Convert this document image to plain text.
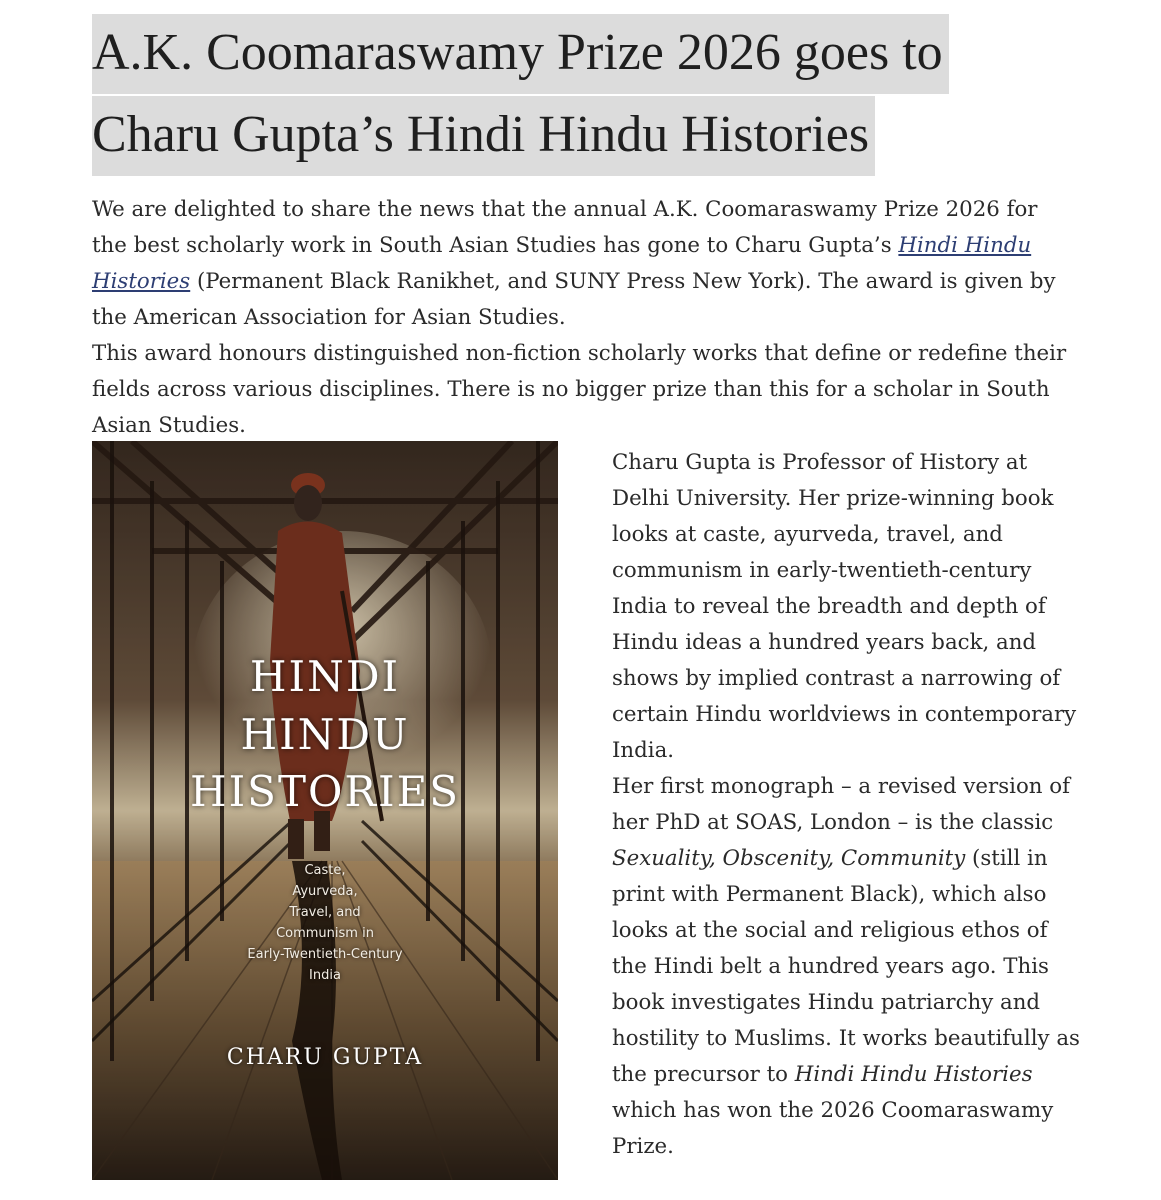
A.K. Coomaraswamy Prize 2026 goes to
Charu Gupta’s Hindi Hindu Histories

We are delighted to share the news that the annual A.K. Coomaraswamy Prize 2026 for the best scholarly work in South Asian Studies has gone to Charu Gupta’s Hindi Hindu Histories (Permanent Black Ranikhet, and SUNY Press New York). The award is given by the American Association for Asian Studies.

This award honours distinguished non-fiction scholarly works that define or redefine their fields across various disciplines. There is no bigger prize than this for a scholar in South Asian Studies.

HINDI
HINDU
HISTORIES
Caste,
Ayurveda,
Travel, and
Communism in
Early-Twentieth-Century
India
CHARU GUPTA

Charu Gupta is Professor of History at Delhi University. Her prize-winning book looks at caste, ayurveda, travel, and communism in early-twentieth-century India to reveal the breadth and depth of Hindu ideas a hundred years back, and shows by implied contrast a narrowing of certain Hindu worldviews in contemporary India.

Her first monograph – a revised version of her PhD at SOAS, London – is the classic Sexuality, Obscenity, Community (still in print with Permanent Black), which also looks at the social and religious ethos of the Hindi belt a hundred years ago. This book investigates Hindu patriarchy and hostility to Muslims. It works beautifully as the precursor to Hindi Hindu Histories which has won the 2026 Coomaraswamy Prize.
